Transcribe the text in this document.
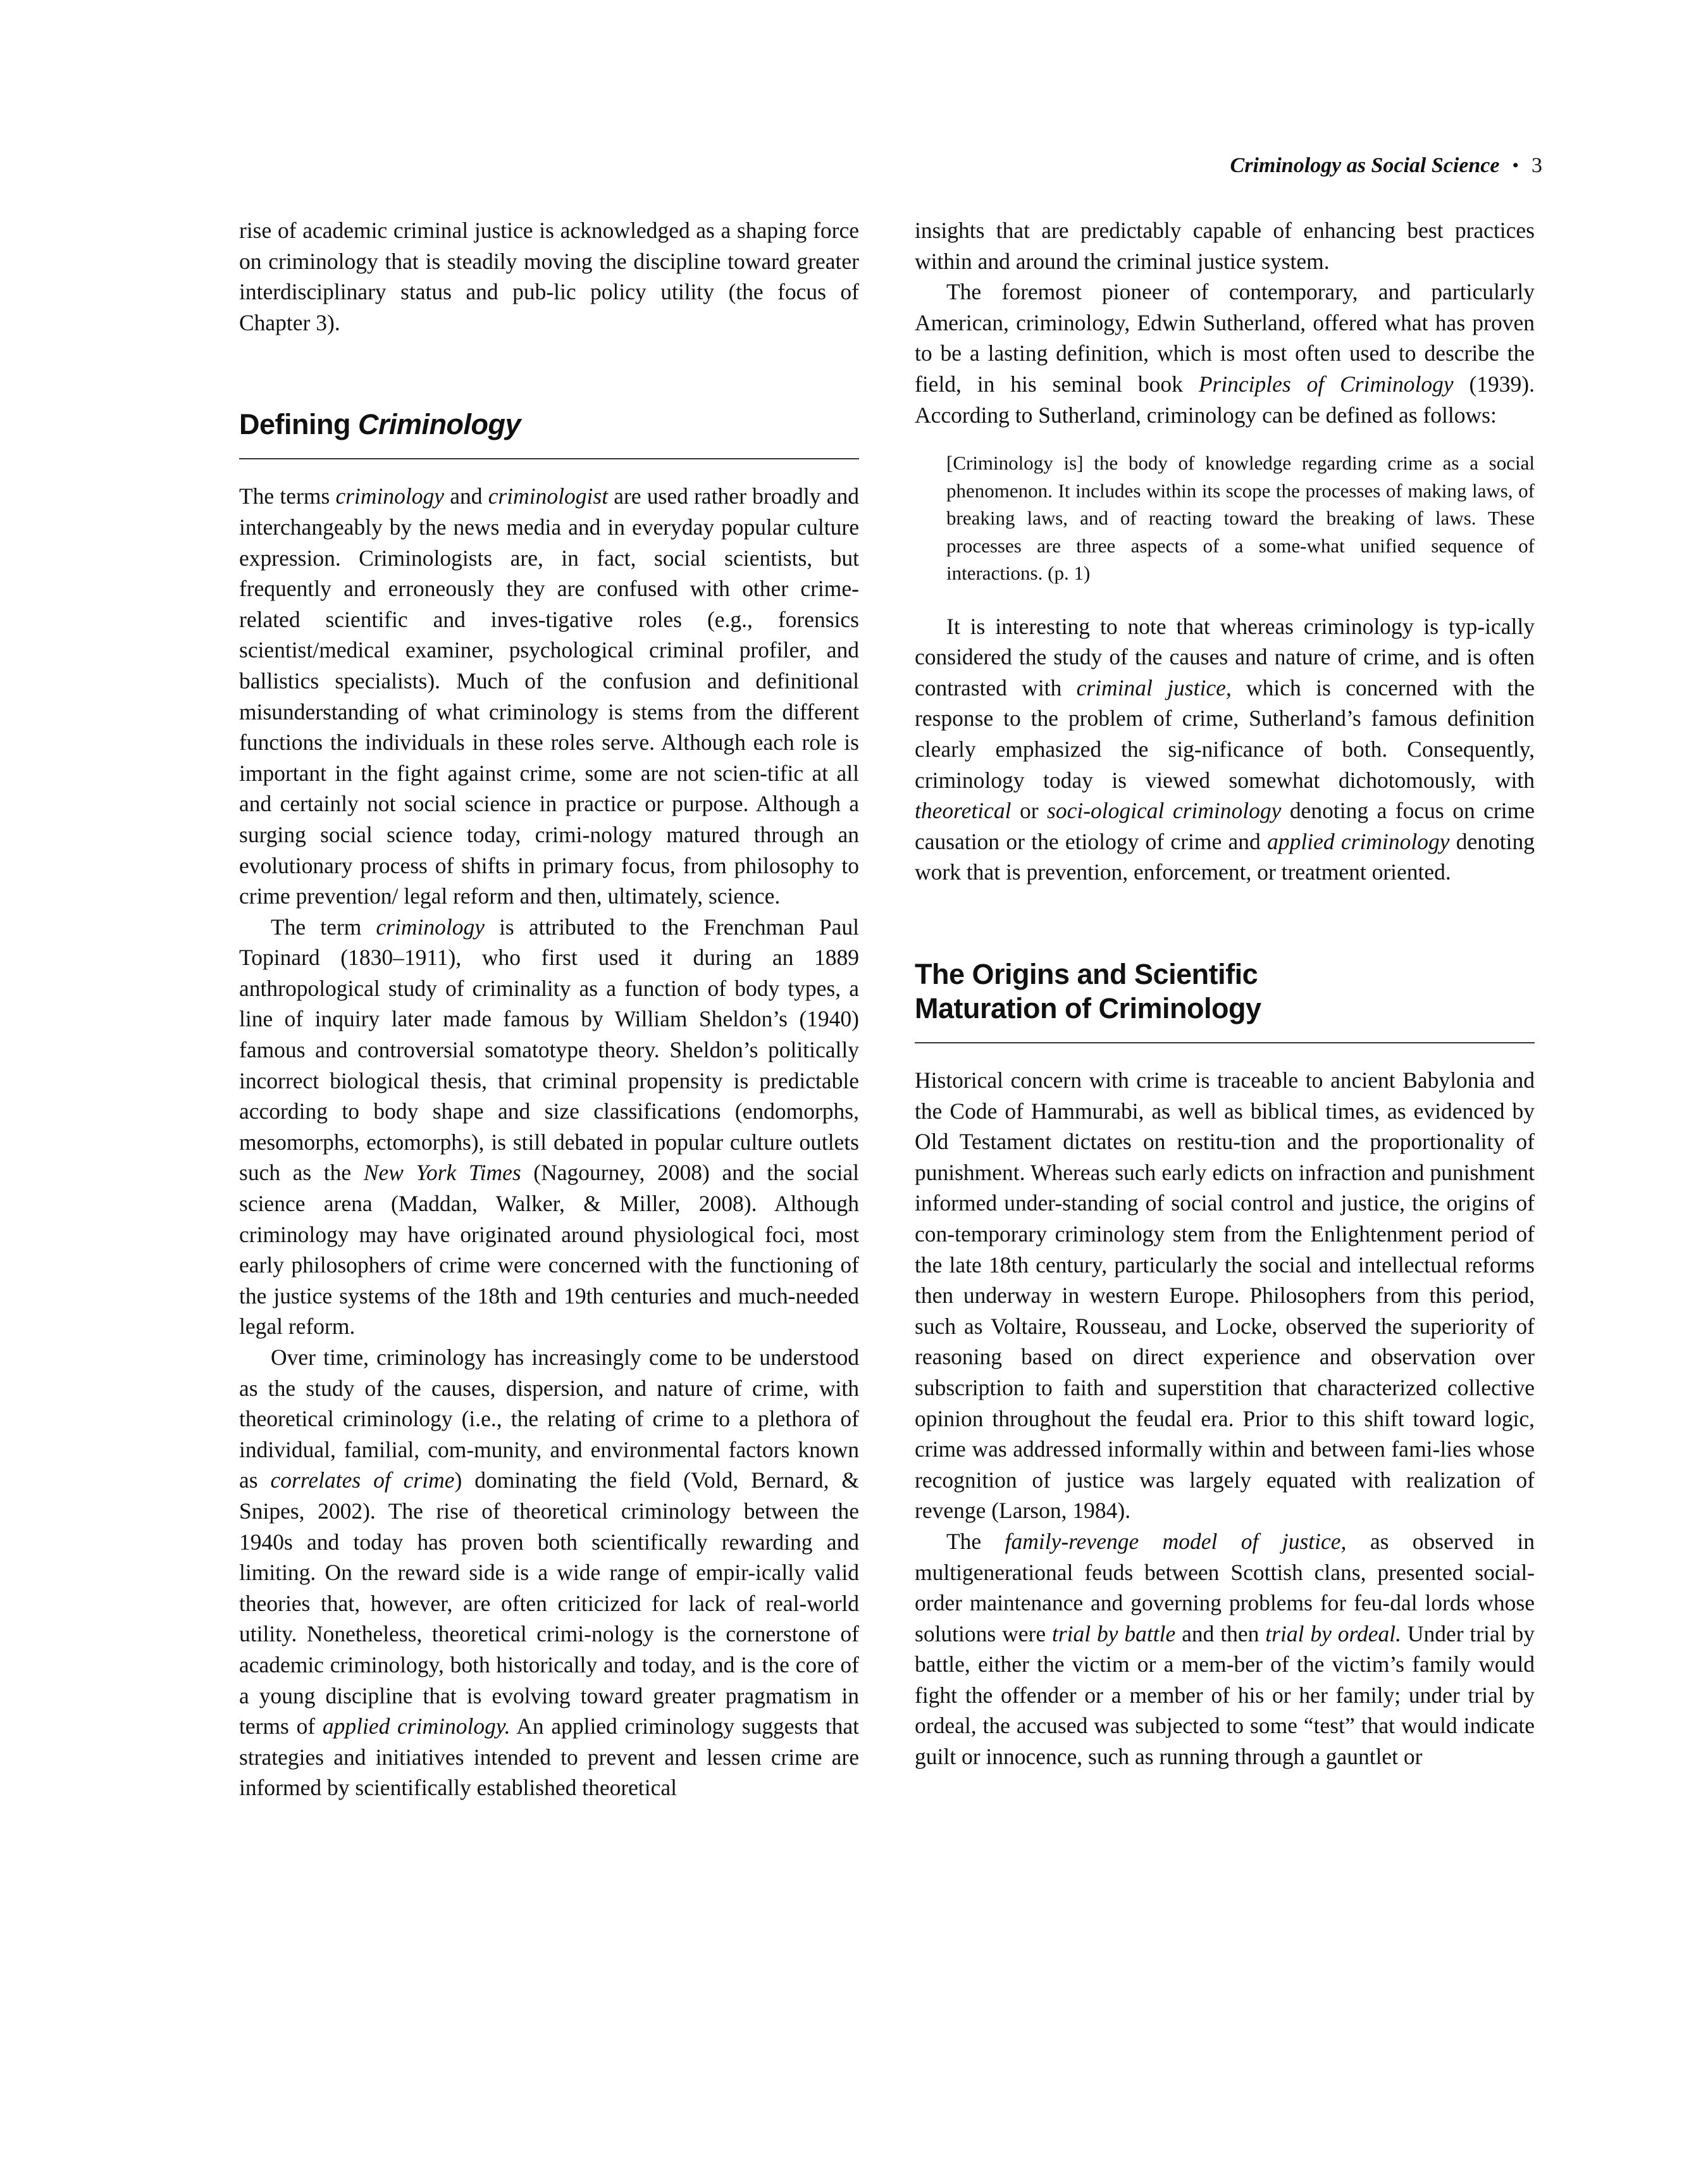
Criminology as Social Science • 3

rise of academic criminal justice is acknowledged as a shaping force on criminology that is steadily moving the discipline toward greater interdisciplinary status and pub-lic policy utility (the focus of Chapter 3).

Defining Criminology

The terms criminology and criminologist are used rather broadly and interchangeably by the news media and in everyday popular culture expression. Criminologists are, in fact, social scientists, but frequently and erroneously they are confused with other crime-related scientific and inves-tigative roles (e.g., forensics scientist/medical examiner, psychological criminal profiler, and ballistics specialists). Much of the confusion and definitional misunderstanding of what criminology is stems from the different functions the individuals in these roles serve. Although each role is important in the fight against crime, some are not scien-tific at all and certainly not social science in practice or purpose. Although a surging social science today, crimi-nology matured through an evolutionary process of shifts in primary focus, from philosophy to crime prevention/ legal reform and then, ultimately, science.

The term criminology is attributed to the Frenchman Paul Topinard (1830–1911), who first used it during an 1889 anthropological study of criminality as a function of body types, a line of inquiry later made famous by William Sheldon’s (1940) famous and controversial somatotype theory. Sheldon’s politically incorrect biological thesis, that criminal propensity is predictable according to body shape and size classifications (endomorphs, mesomorphs, ectomorphs), is still debated in popular culture outlets such as the New York Times (Nagourney, 2008) and the social science arena (Maddan, Walker, & Miller, 2008). Although criminology may have originated around physiological foci, most early philosophers of crime were concerned with the functioning of the justice systems of the 18th and 19th centuries and much-needed legal reform.

Over time, criminology has increasingly come to be understood as the study of the causes, dispersion, and nature of crime, with theoretical criminology (i.e., the relating of crime to a plethora of individual, familial, com-munity, and environmental factors known as correlates of crime) dominating the field (Vold, Bernard, & Snipes, 2002). The rise of theoretical criminology between the 1940s and today has proven both scientifically rewarding and limiting. On the reward side is a wide range of empir-ically valid theories that, however, are often criticized for lack of real-world utility. Nonetheless, theoretical crimi-nology is the cornerstone of academic criminology, both historically and today, and is the core of a young discipline that is evolving toward greater pragmatism in terms of applied criminology. An applied criminology suggests that strategies and initiatives intended to prevent and lessen crime are informed by scientifically established theoretical

insights that are predictably capable of enhancing best practices within and around the criminal justice system.

The foremost pioneer of contemporary, and particularly American, criminology, Edwin Sutherland, offered what has proven to be a lasting definition, which is most often used to describe the field, in his seminal book Principles of Criminology (1939). According to Sutherland, criminology can be defined as follows:

[Criminology is] the body of knowledge regarding crime as a social phenomenon. It includes within its scope the processes of making laws, of breaking laws, and of reacting toward the breaking of laws. These processes are three aspects of a some-what unified sequence of interactions. (p. 1)

It is interesting to note that whereas criminology is typ-ically considered the study of the causes and nature of crime, and is often contrasted with criminal justice, which is concerned with the response to the problem of crime, Sutherland’s famous definition clearly emphasized the sig-nificance of both. Consequently, criminology today is viewed somewhat dichotomously, with theoretical or soci-ological criminology denoting a focus on crime causation or the etiology of crime and applied criminology denoting work that is prevention, enforcement, or treatment oriented.

The Origins and Scientific
Maturation of Criminology

Historical concern with crime is traceable to ancient Babylonia and the Code of Hammurabi, as well as biblical times, as evidenced by Old Testament dictates on restitu-tion and the proportionality of punishment. Whereas such early edicts on infraction and punishment informed under-standing of social control and justice, the origins of con-temporary criminology stem from the Enlightenment period of the late 18th century, particularly the social and intellectual reforms then underway in western Europe. Philosophers from this period, such as Voltaire, Rousseau, and Locke, observed the superiority of reasoning based on direct experience and observation over subscription to faith and superstition that characterized collective opinion throughout the feudal era. Prior to this shift toward logic, crime was addressed informally within and between fami-lies whose recognition of justice was largely equated with realization of revenge (Larson, 1984).

The family-revenge model of justice, as observed in multigenerational feuds between Scottish clans, presented social-order maintenance and governing problems for feu-dal lords whose solutions were trial by battle and then trial by ordeal. Under trial by battle, either the victim or a mem-ber of the victim’s family would fight the offender or a member of his or her family; under trial by ordeal, the accused was subjected to some “test” that would indicate guilt or innocence, such as running through a gauntlet or
